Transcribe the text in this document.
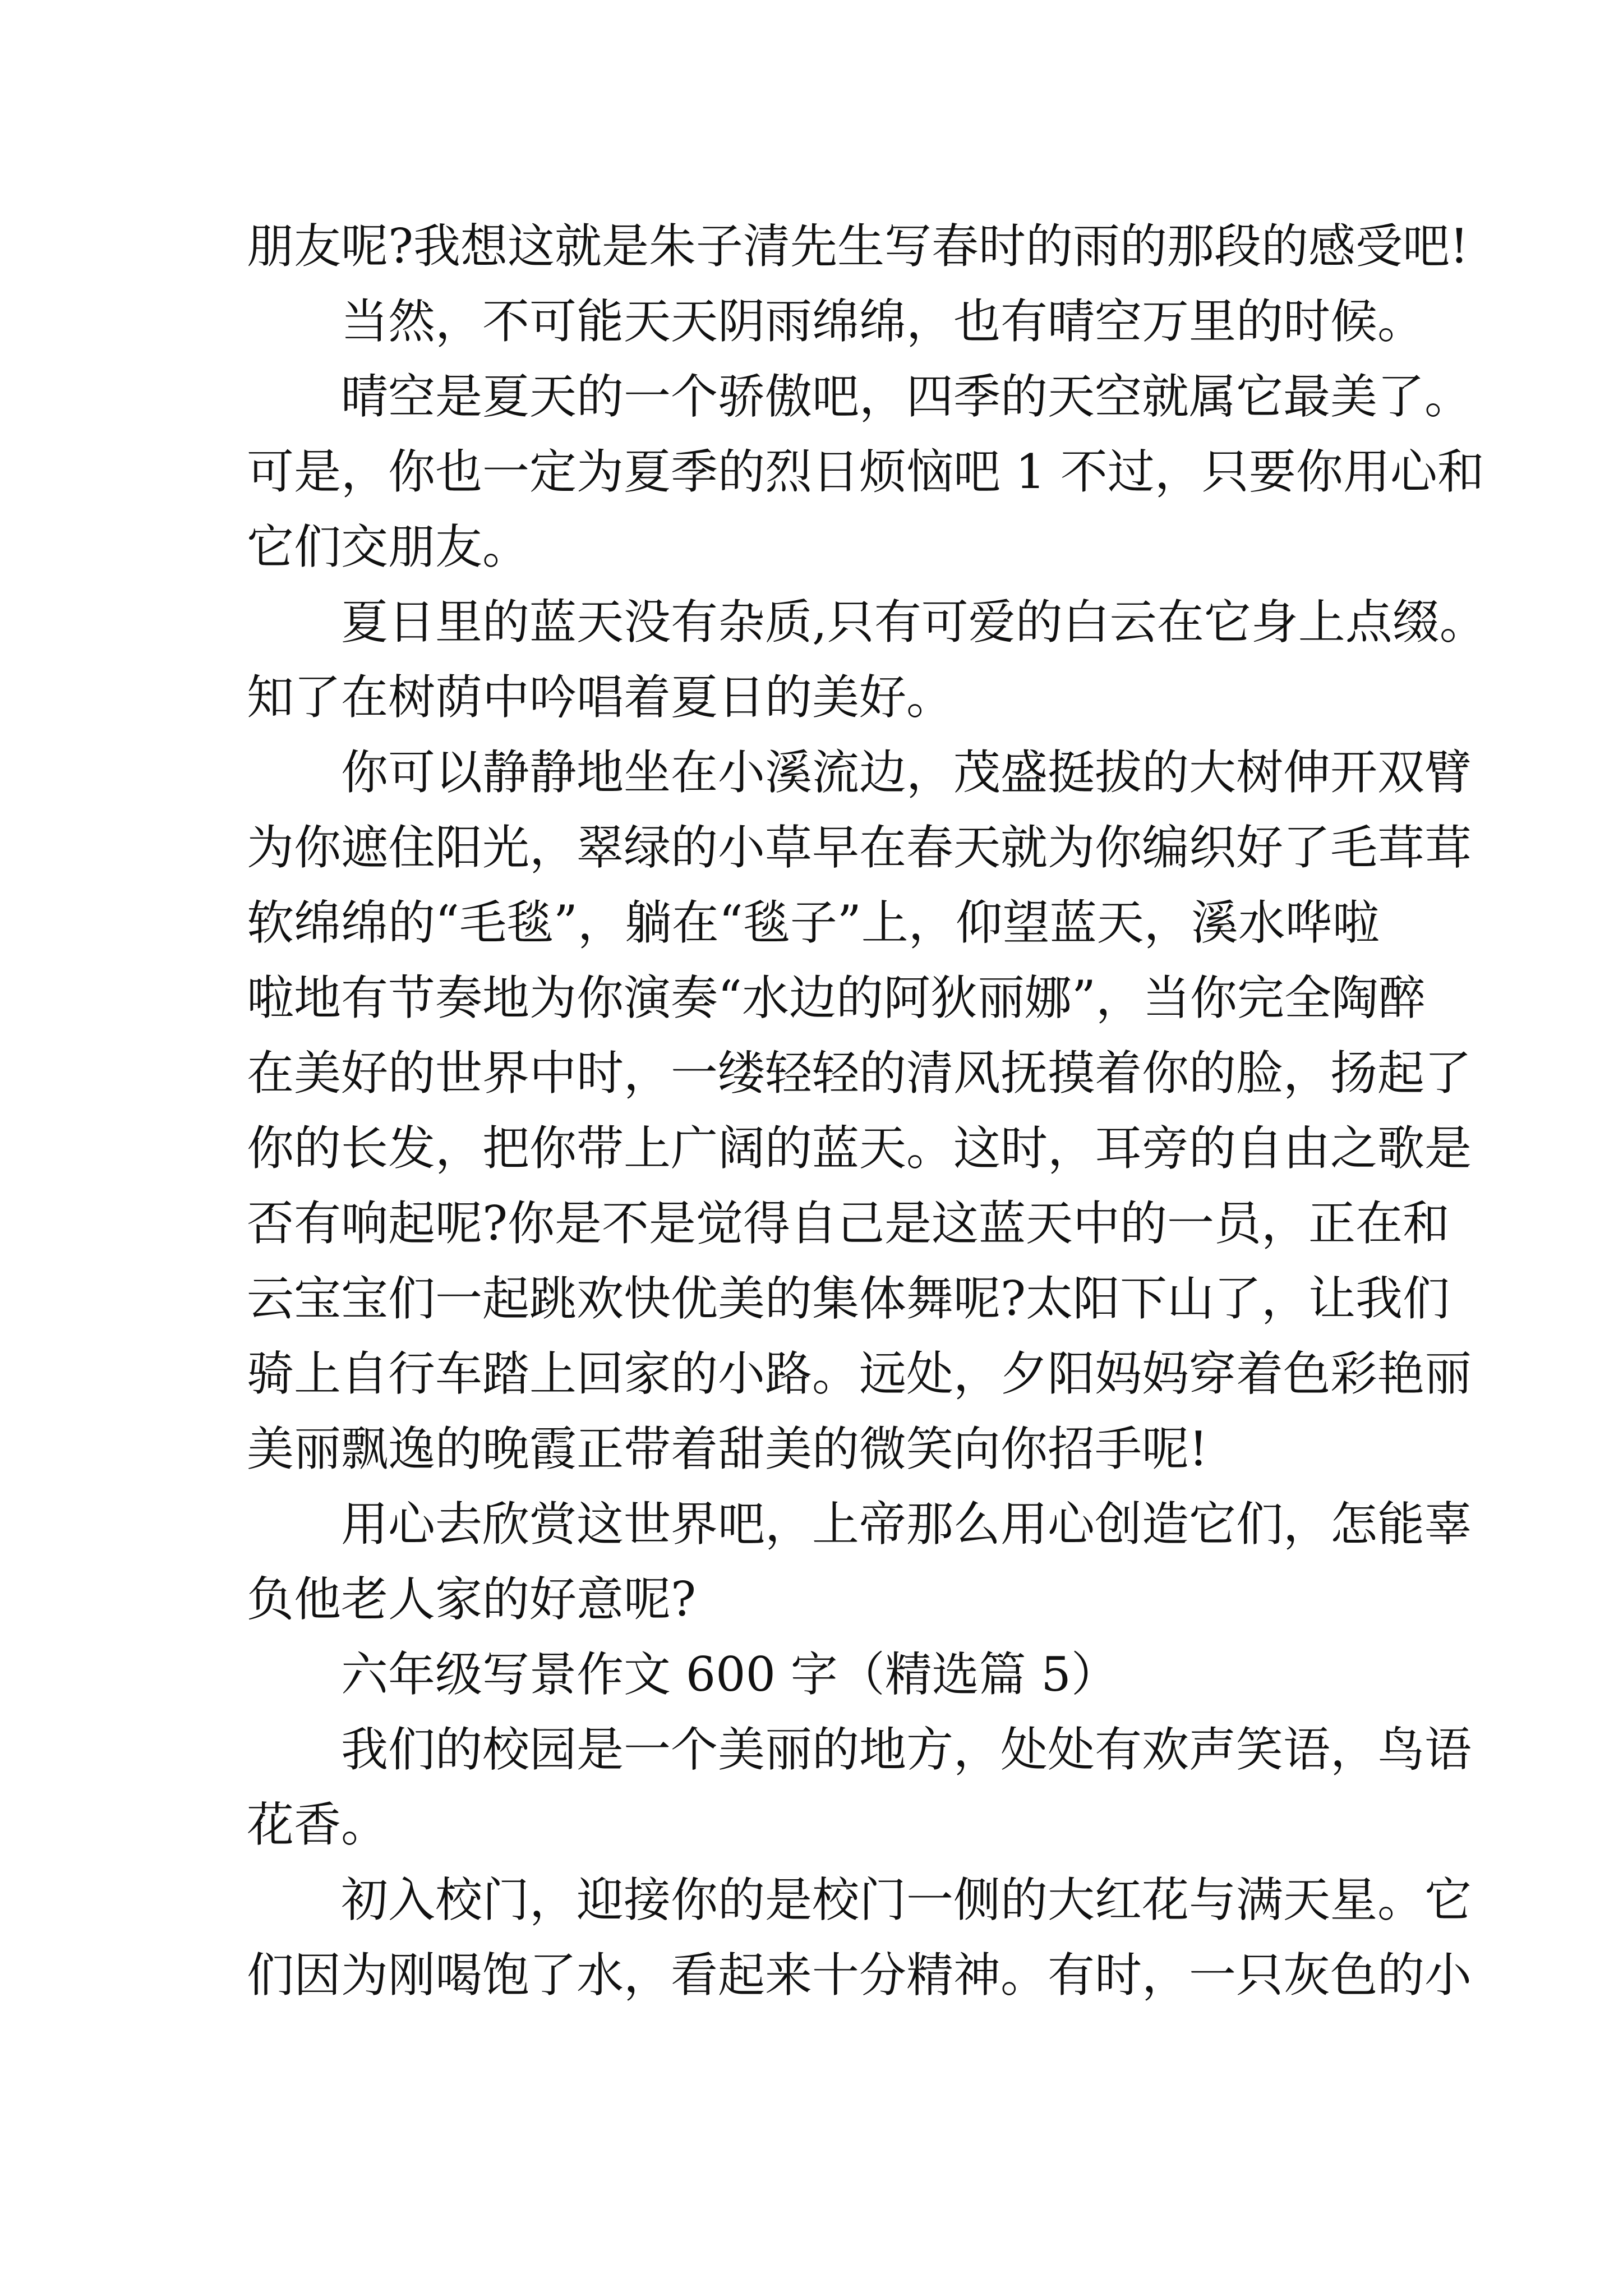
朋友呢?我想这就是朱子清先生写春时的雨的那段的感受吧!
当然，不可能天天阴雨绵绵，也有晴空万里的时候。
晴空是夏天的一个骄傲吧，四季的天空就属它最美了。
可是，你也一定为夏季的烈日烦恼吧 1 不过，只要你用心和
它们交朋友。
夏日里的蓝天没有杂质,只有可爱的白云在它身上点缀。
知了在树荫中吟唱着夏日的美好。
你可以静静地坐在小溪流边，茂盛挺拔的大树伸开双臂
为你遮住阳光，翠绿的小草早在春天就为你编织好了毛茸茸
软绵绵的“毛毯”，躺在“毯子”上，仰望蓝天，溪水哗啦
啦地有节奏地为你演奏“水边的阿狄丽娜”，当你完全陶醉
在美好的世界中时，一缕轻轻的清风抚摸着你的脸，扬起了
你的长发，把你带上广阔的蓝天。这时，耳旁的自由之歌是
否有响起呢?你是不是觉得自己是这蓝天中的一员，正在和
云宝宝们一起跳欢快优美的集体舞呢?太阳下山了，让我们
骑上自行车踏上回家的小路。远处，夕阳妈妈穿着色彩艳丽
美丽飘逸的晚霞正带着甜美的微笑向你招手呢!
用心去欣赏这世界吧，上帝那么用心创造它们，怎能辜
负他老人家的好意呢?
六年级写景作文 600 字（精选篇 5）
我们的校园是一个美丽的地方，处处有欢声笑语，鸟语
花香。
初入校门，迎接你的是校门一侧的大红花与满天星。它
们因为刚喝饱了水，看起来十分精神。有时，一只灰色的小
